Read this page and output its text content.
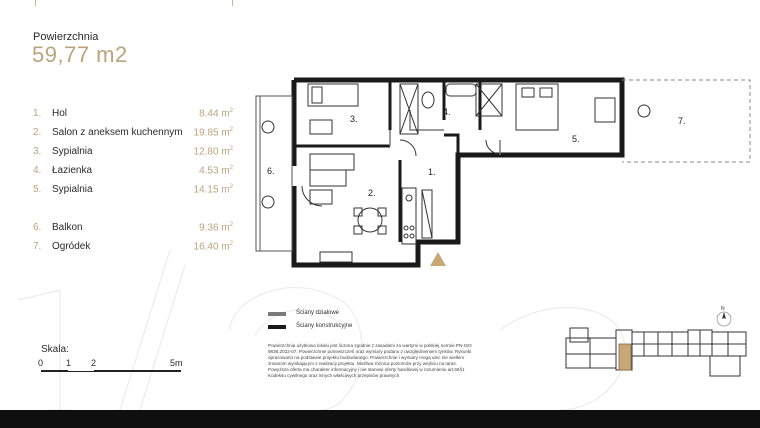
Powierzchnia
59,77 m2
1. Hol	8.44 $m^2$
2. Salon z aneksem kuchennym 19.85 $m^2$
3. Sypialnia	12.80 $m^2$
4. Łazienka	4.53 $m^2$
5. Sypialnia	14.15 $m^2$
6. Balkon	9.36 $m^2$
7. Ogródek	16.40 $m^2$
Skala:
0	1 2	5m
3.
4.
5.
6.
2.
1.
7.
Ściany działowe
Ściany konstrukcyjne
Powierzchnia użytkowa lokalu jest liczona zgodnie z zasadami za wartymi w polskiej normie PN-ISO 9836:2022-07. Powierzchnie pomieszczeń oraz wymiary podano z uwzględnieniem tynków. Rysunki opracowano na podstawie projektu budowlanego. Powierzchnie i wymiary mogą ulec nie wielkim zmianom wynikającym z realizacji projektu. Możliwa różnica poziomów przy wejściu na taras. Powyższa oferta ma charakter informacyjny i nie stanowi oferty handlowej w rozumieniu art.66§1 Kodeksu cywilnego oraz innych właściwych przepisów prawnych.
N
